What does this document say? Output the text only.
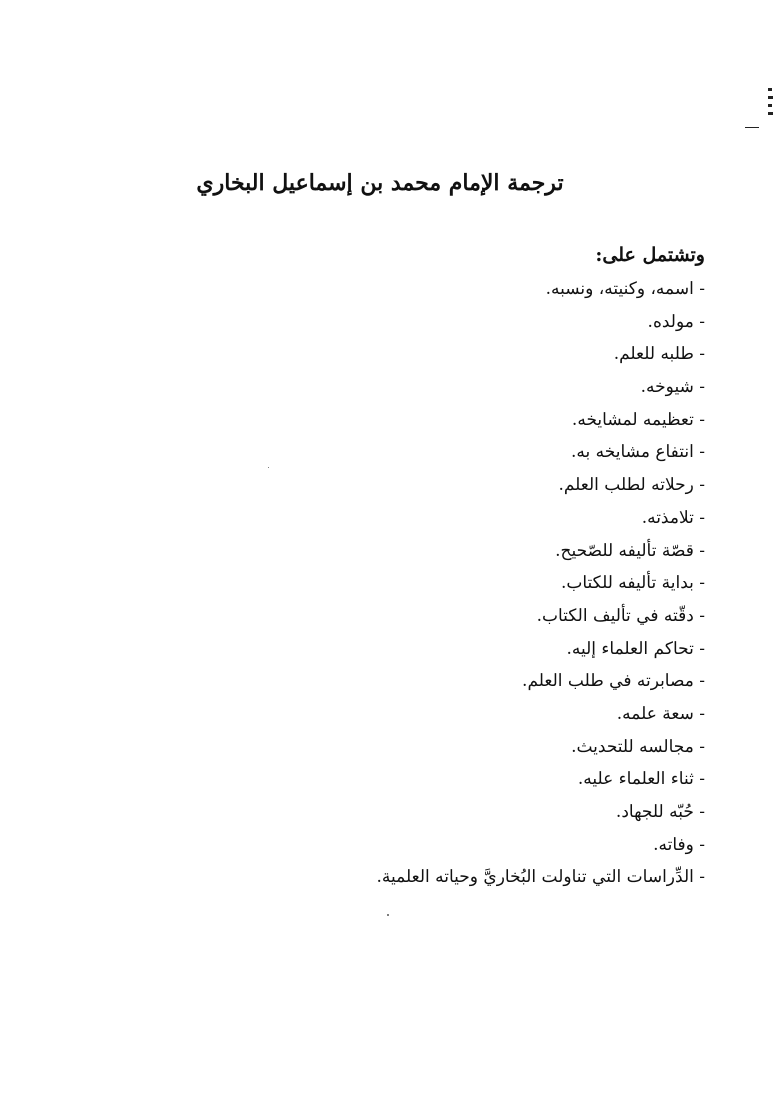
ترجمة الإمام محمد بن إسماعيل البخاري

وتشتمل على:

- اسمه، وكنيته، ونسبه.
- مولده.
- طلبه للعلم.
- شيوخه.
- تعظيمه لمشايخه.
- انتفاع مشايخه به.
- رحلاته لطلب العلم.
- تلامذته.
- قصّة تأليفه للصّحيح.
- بداية تأليفه للكتاب.
- دقّته في تأليف الكتاب.
- تحاكم العلماء إليه.
- مصابرته في طلب العلم.
- سعة علمه.
- مجالسه للتحديث.
- ثناء العلماء عليه.
- حُبّه للجهاد.
- وفاته.
- الدِّراسات التي تناولت البُخاريَّ وحياته العلمية.
